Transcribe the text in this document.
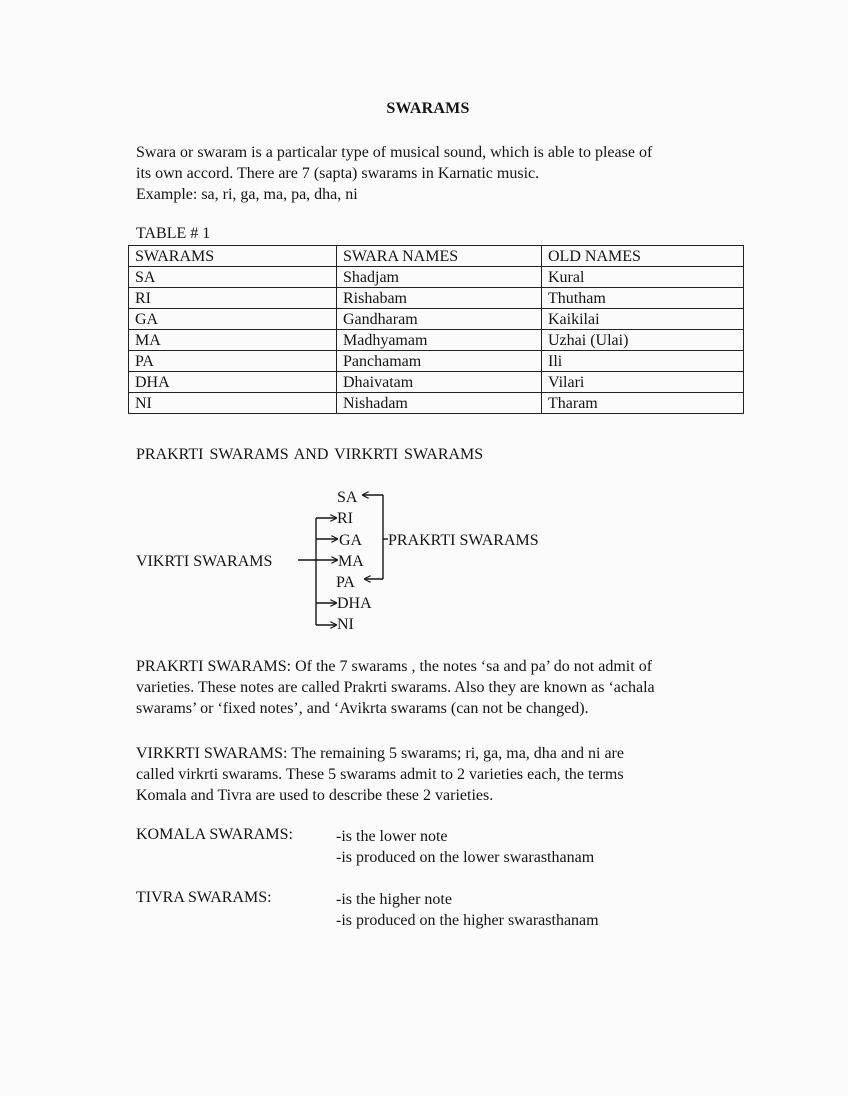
SWARAMS

Swara or swaram is a particalar type of musical sound, which is able to please of

its own accord. There are 7 (sapta) swarams in Karnatic music.

Example: sa, ri, ga, ma, pa, dha, ni

TABLE # 1
SWARAMS	SWARA NAMES	OLD NAMES
SA	Shadjam	Kural
RI	Rishabam	Thutham
GA	Gandharam	Kaikilai
MA	Madhyamam	Uzhai (Ulai)
PA	Panchamam	Ili
DHA	Dhaivatam	Vilari
NI	Nishadam	Tharam
PRAKRTI SWARAMS AND VIRKRTI SWARAMS
SA
RI
GA
MA
PA
DHA
NI
VIKRTI SWARAMS
PRAKRTI SWARAMS
PRAKRTI SWARAMS: Of the 7 swarams , the notes ‘sa and pa’ do not admit of
varieties. These notes are called Prakrti swarams. Also they are known as ‘achala
swarams’ or ‘fixed notes’, and ‘Avikrta swarams (can not be changed).
VIRKRTI SWARAMS: The remaining 5 swarams; ri, ga, ma, dha and ni are
called virkrti swarams. These 5 swarams admit to 2 varieties each, the terms
Komala and Tivra are used to describe these 2 varieties.
KOMALA SWARAMS:	-is the lower note
-is produced on the lower swarasthanam
TIVRA SWARAMS:	-is the higher note
-is produced on the higher swarasthanam
